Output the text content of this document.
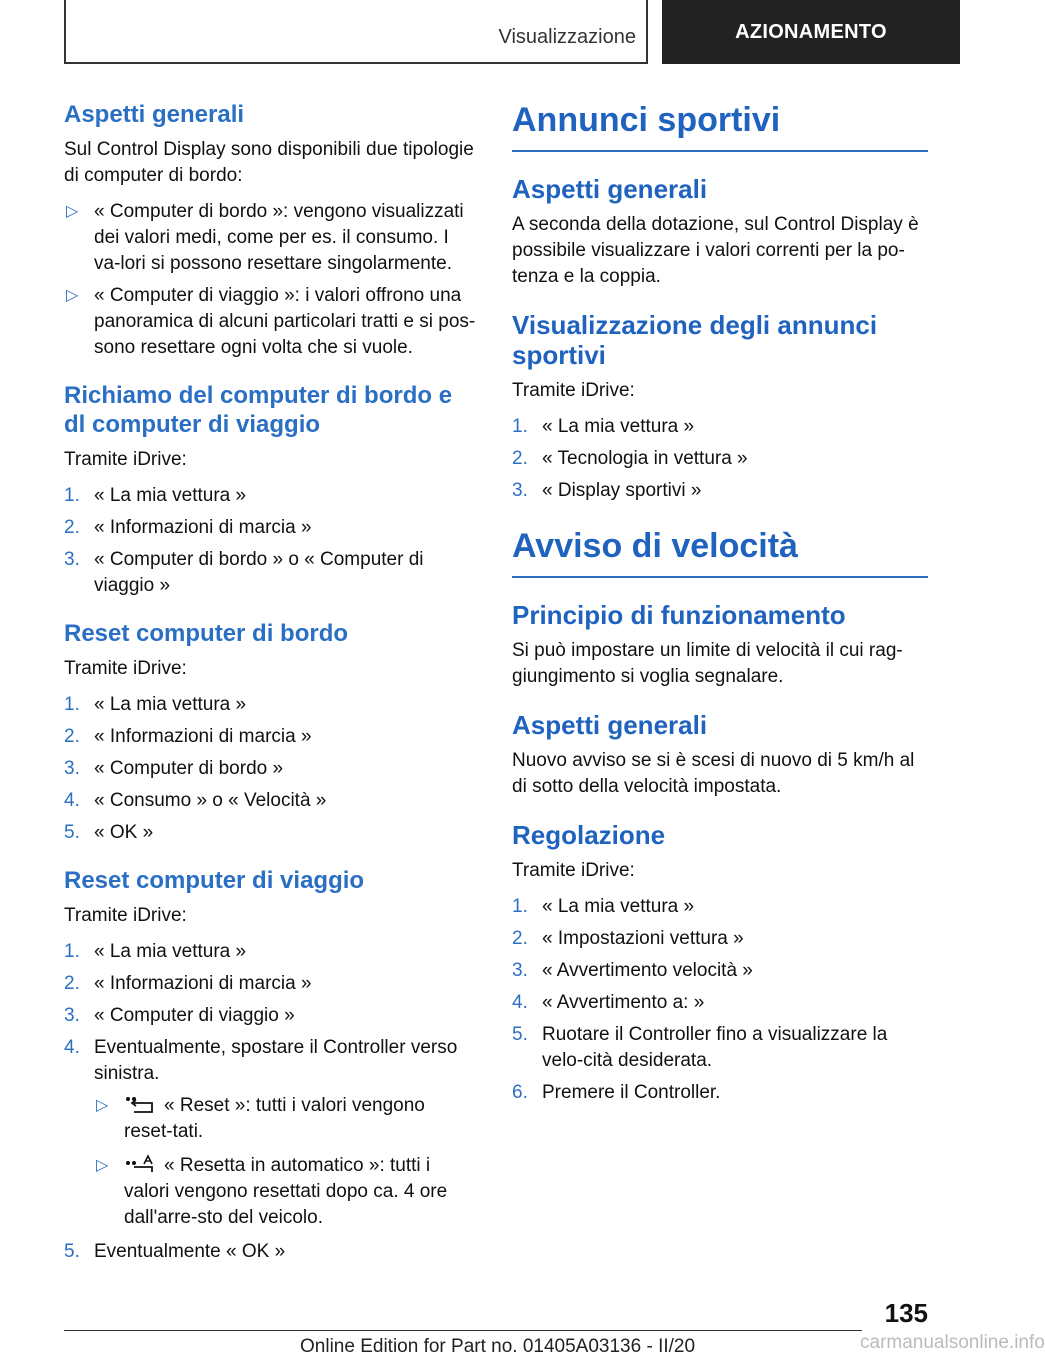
Visualizzazione	AZIONAMENTO
Aspetti generali

Sul Control Display sono disponibili due tipologie di computer di bordo:

▷ « Computer di bordo »: vengono visualizzati dei valori medi, come per es. il consumo. I va-lori si possono resettare singolarmente.
▷ « Computer di viaggio »: i valori offrono una panoramica di alcuni particolari tratti e si pos-sono resettare ogni volta che si vuole.
Richiamo del computer di bordo e dl computer di viaggio

Tramite iDrive:

1. « La mia vettura »
2. « Informazioni di marcia »
3. « Computer di bordo » o « Computer di viaggio »
Reset computer di bordo

Tramite iDrive:

1. « La mia vettura »
2. « Informazioni di marcia »
3. « Computer di bordo »
4. « Consumo » o « Velocità »
5. « OK »
Reset computer di viaggio

Tramite iDrive:

1. « La mia vettura »
2. « Informazioni di marcia »
3. « Computer di viaggio »
4. Eventualmente, spostare il Controller verso sinistra.
▷	« Reset »: tutti i valori vengono reset-tati.
▷	« Resetta in automatico »: tutti i valori vengono resettati dopo ca. 4 ore dall'arre-sto del veicolo.
5. Eventualmente « OK »
Annunci sportivi
Aspetti generali

A seconda della dotazione, sul Control Display è possibile visualizzare i valori correnti per la po-tenza e la coppia.

Visualizzazione degli annunci sportivi

Tramite iDrive:

1. « La mia vettura »
2. « Tecnologia in vettura »
3. « Display sportivi »
Avviso di velocità
Principio di funzionamento

Si può impostare un limite di velocità il cui rag-giungimento si voglia segnalare.

Aspetti generali

Nuovo avviso se si è scesi di nuovo di 5 km/h al di sotto della velocità impostata.

Regolazione

Tramite iDrive:

1. « La mia vettura »
2. « Impostazioni vettura »
3. « Avvertimento velocità »
4. « Avvertimento a: »
5. Ruotare il Controller fino a visualizzare la velo-cità desiderata.
6. Premere il Controller.
135
Online Edition for Part no. 01405A03136 - II/20	carmanualsonline.info
